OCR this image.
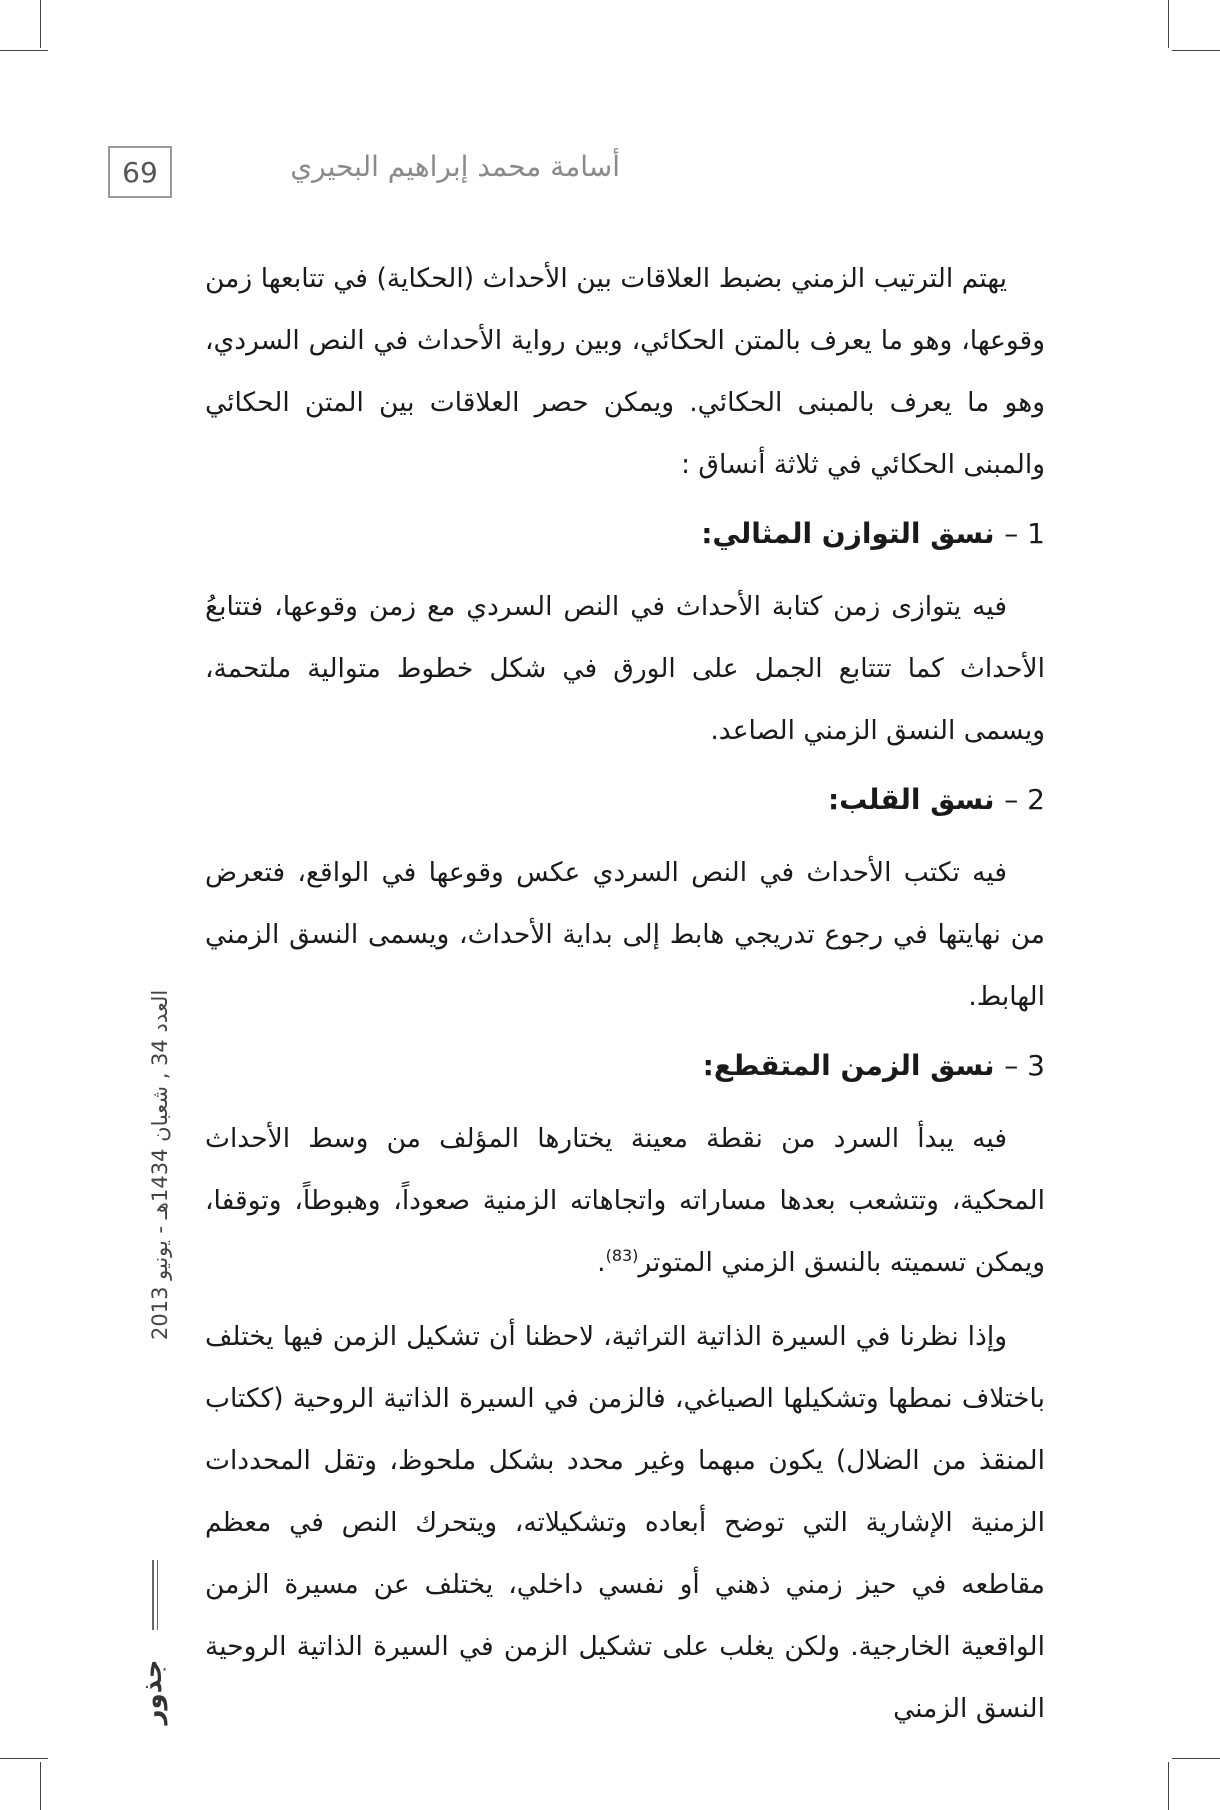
69	أسامة محمد إبراهيم البحيري

يهتم الترتيب الزمني بضبط العلاقات بين الأحداث (الحكاية) في تتابعها زمن وقوعها، وهو ما يعرف بالمتن الحكائي، وبين رواية الأحداث في النص السردي، وهو ما يعرف بالمبنى الحكائي. ويمكن حصر العلاقات بين المتن الحكائي والمبنى الحكائي في ثلاثة أنساق :

1 – نسق التوازن المثالي:

فيه يتوازى زمن كتابة الأحداث في النص السردي مع زمن وقوعها، فتتابعُ الأحداث كما تتتابع الجمل على الورق في شكل خطوط متوالية ملتحمة، ويسمى النسق الزمني الصاعد.

2 – نسق القلب:

فيه تكتب الأحداث في النص السردي عكس وقوعها في الواقع، فتعرض من نهايتها في رجوع تدريجي هابط إلى بداية الأحداث، ويسمى النسق الزمني الهابط.

3 – نسق الزمن المتقطع:

فيه يبدأ السرد من نقطة معينة يختارها المؤلف من وسط الأحداث المحكية، وتتشعب بعدها مساراته واتجاهاته الزمنية صعوداً، وهبوطاً، وتوقفا، ويمكن تسميته بالنسق الزمني المتوتر$^{(83)}$.

وإذا نظرنا في السيرة الذاتية التراثية، لاحظنا أن تشكيل الزمن فيها يختلف باختلاف نمطها وتشكيلها الصياغي، فالزمن في السيرة الذاتية الروحية (ككتاب المنقذ من الضلال) يكون مبهما وغير محدد بشكل ملحوظ، وتقل المحددات الزمنية الإشارية التي توضح أبعاده وتشكيلاته، ويتحرك النص في معظم مقاطعه في حيز زمني ذهني أو نفسي داخلي، يختلف عن مسيرة الزمن الواقعية الخارجية. ولكن يغلب على تشكيل الزمن في السيرة الذاتية الروحية النسق الزمني

العدد 34 , شعبان 1434هـ - يونيو 2013
جذور
